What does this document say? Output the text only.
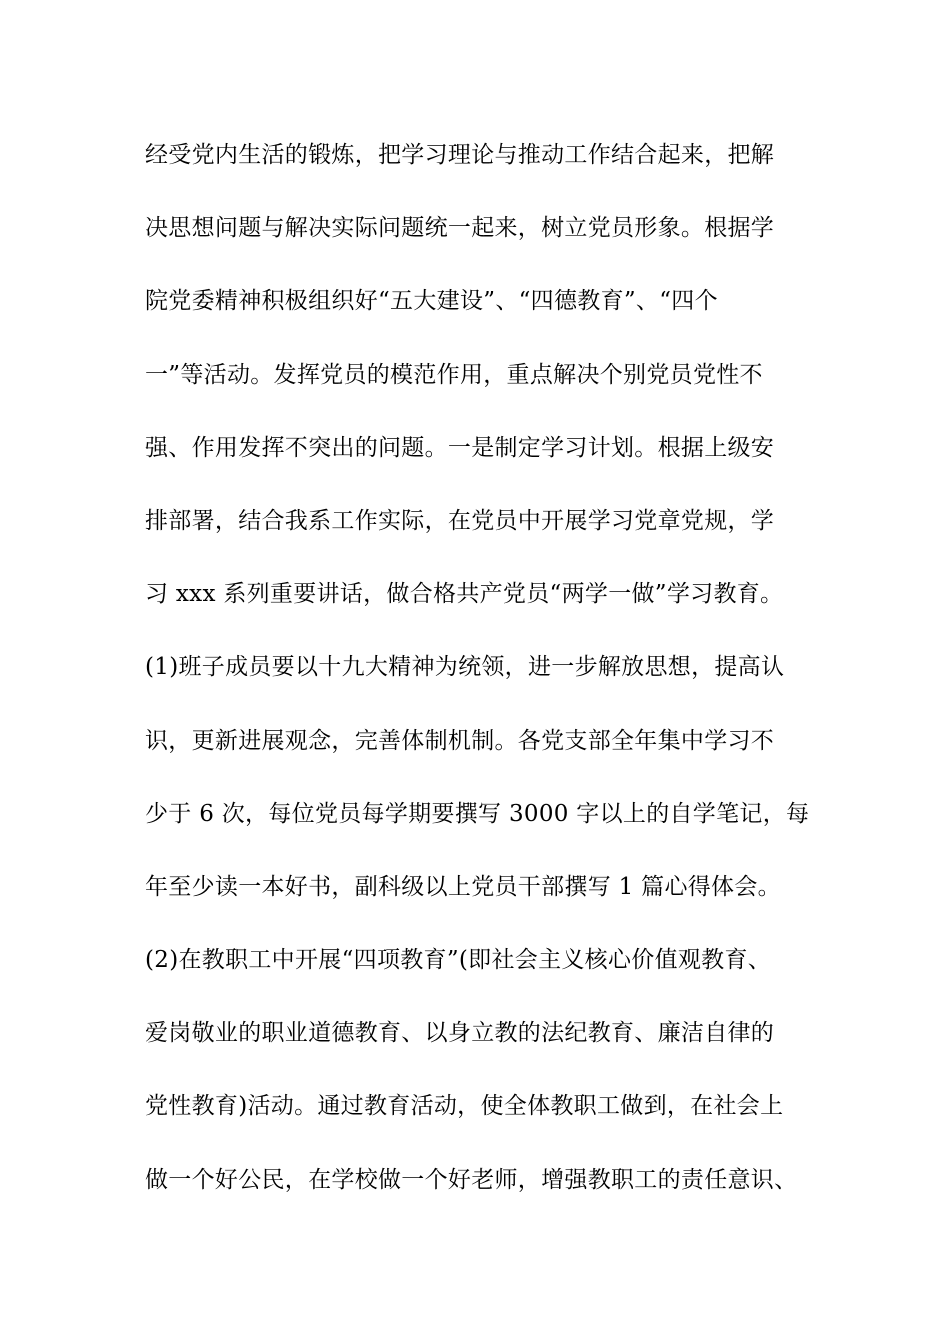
经受党内生活的锻炼，把学习理论与推动工作结合起来，把解
决思想问题与解决实际问题统一起来，树立党员形象。根据学
院党委精神积极组织好“五大建设”、“四德教育”、“四个
一”等活动。发挥党员的模范作用，重点解决个别党员党性不
强、作用发挥不突出的问题。一是制定学习计划。根据上级安
排部署，结合我系工作实际，在党员中开展学习党章党规，学
习 xxx 系列重要讲话，做合格共产党员“两学一做”学习教育。
(1)班子成员要以十九大精神为统领，进一步解放思想，提高认
识，更新进展观念，完善体制机制。各党支部全年集中学习不
少于 6 次，每位党员每学期要撰写 3000 字以上的自学笔记，每
年至少读一本好书，副科级以上党员干部撰写 1 篇心得体会。
(2)在教职工中开展“四项教育”(即社会主义核心价值观教育、
爱岗敬业的职业道德教育、以身立教的法纪教育、廉洁自律的
党性教育)活动。通过教育活动，使全体教职工做到，在社会上
做一个好公民，在学校做一个好老师，增强教职工的责任意识、
